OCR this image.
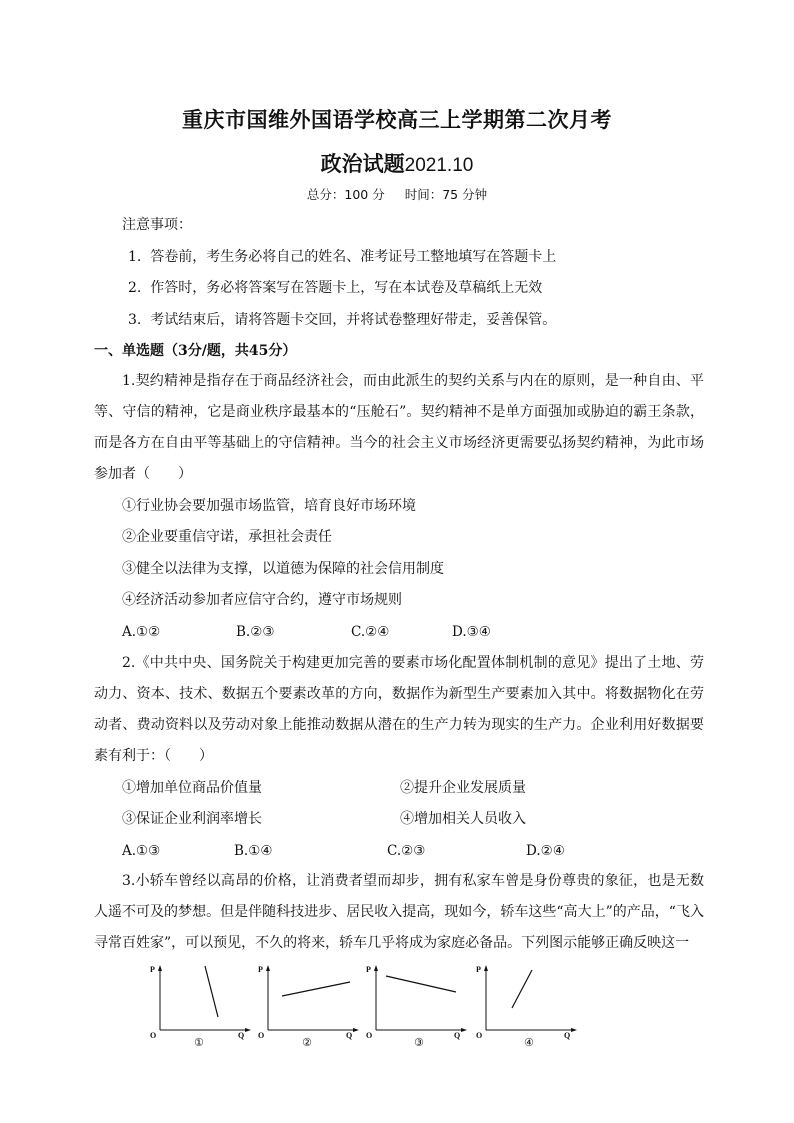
重庆市国维外国语学校高三上学期第二次月考
政治试题2021.10
总分：100 分 时间：75 分钟
注意事项：
1. 答卷前，考生务必将自己的姓名、准考证号工整地填写在答题卡上
2. 作答时，务必将答案写在答题卡上，写在本试卷及草稿纸上无效
3. 考试结束后，请将答题卡交回，并将试卷整理好带走，妥善保管。
一、单选题（3分/题，共45分）
1.契约精神是指存在于商品经济社会，而由此派生的契约关系与内在的原则，是一种自由、平等、守信的精神，它是商业秩序最基本的“压舱石”。契约精神不是单方面强加或胁迫的霸王条款，而是各方在自由平等基础上的守信精神。当今的社会主义市场经济更需要弘扬契约精神，为此市场参加者（　　）
①行业协会要加强市场监管，培育良好市场环境
②企业要重信守诺，承担社会责任
③健全以法律为支撑，以道德为保障的社会信用制度
④经济活动参加者应信守合约，遵守市场规则
A.①②	B.②③	C.②④	D.③④
2.《中共中央、国务院关于构建更加完善的要素市场化配置体制机制的意见》提出了土地、劳动力、资本、技术、数据五个要素改革的方向，数据作为新型生产要素加入其中。将数据物化在劳动者、费动资料以及劳动对象上能推动数据从潜在的生产力转为现实的生产力。企业利用好数据要素有利于：（　　）
①增加单位商品价值量	②提升企业发展质量
③保证企业利润率增长	④增加相关人员收入
A.①③	B.①④	C.②③	D.②④
3.小轿车曾经以高昂的价格，让消费者望而却步，拥有私家车曾是身份尊贵的象征，也是无数人遥不可及的梦想。但是伴随科技进步、居民收入提高，现如今，轿车这些“高大上”的产品，“飞入寻常百姓家”，可以预见，不久的将来，轿车几乎将成为家庭必备品。下列图示能够正确反映这一
P
O	Q
①
P
O	Q
②
P
O	Q
③
P
O	Q
④
